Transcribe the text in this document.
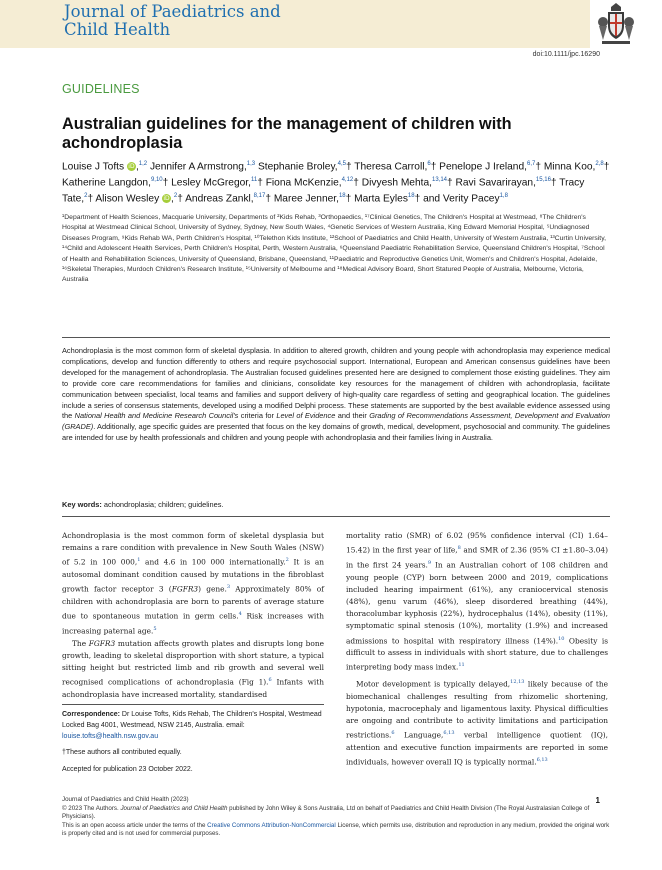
Journal of Paediatrics and
Child Health
doi:10.1111/jpc.16290
GUIDELINES
Australian guidelines for the management of children with achondroplasia
Louise J Tofts iD,$^{1,2}$ Jennifer A Armstrong,$^{1,3}$ Stephanie Broley,$^{4,5}$† Theresa Carroll,$^6$† Penelope J Ireland,$^{6,7}$† Minna Koo,$^{2,8}$† Katherine Langdon,$^{9,10}$† Lesley McGregor,$^{11}$† Fiona McKenzie,$^{4,12}$† Divyesh Mehta,$^{13,14}$† Ravi Savarirayan,$^{15,16}$† Tracy Tate,$^2$† Alison Wesley iD,$^2$† Andreas Zankl,$^{8,17}$† Maree Jenner,$^{18}$† Marta Eyles$^{18}$† and Verity Pacey$^{1,8}$
¹Department of Health Sciences, Macquarie University, Departments of ²Kids Rehab, ³Orthopaedics, ¹⁷Clinical Genetics, The Children's Hospital at Westmead, ⁸The Children's Hospital at Westmead Clinical School, University of Sydney, Sydney, New South Wales, ⁴Genetic Services of Western Australia, King Edward Memorial Hospital, ⁵Undiagnosed Diseases Program, ⁹Kids Rehab WA, Perth Children's Hospital, ¹⁰Telethon Kids Institute, ¹²School of Paediatrics and Child Health, University of Western Australia, ¹³Curtin University, ¹⁴Child and Adolescent Health Services, Perth Children's Hospital, Perth, Western Australia, ⁶Queensland Paediatric Rehabilitation Service, Queensland Children's Hospital, ⁷School of Health and Rehabilitation Sciences, University of Queensland, Brisbane, Queensland, ¹¹Paediatric and Reproductive Genetics Unit, Women's and Children's Hospital, Adelaide, ¹⁶Skeletal Therapies, Murdoch Children's Research Institute, ¹⁵University of Melbourne and ¹⁸Medical Advisory Board, Short Statured People of Australia, Melbourne, Victoria, Australia
Achondroplasia is the most common form of skeletal dysplasia. In addition to altered growth, children and young people with achondroplasia may experience medical complications, develop and function differently to others and require psychosocial support. International, European and American consensus guidelines have been developed for the management of achondroplasia. The Australian focused guidelines presented here are designed to complement those existing guidelines. They aim to provide core care recommendations for families and clinicians, consolidate key resources for the management of children with achondroplasia, facilitate communication between specialist, local teams and families and support delivery of high-quality care regardless of setting and geographical location. The guidelines include a series of consensus statements, developed using a modified Delphi process. These statements are supported by the best available evidence assessed using the National Health and Medicine Research Council's criteria for Level of Evidence and their Grading of Recommendations Assessment, Development and Evaluation (GRADE). Additionally, age specific guides are presented that focus on the key domains of growth, medical, development, psychosocial and community. The guidelines are intended for use by health professionals and children and young people with achondroplasia and their families living in Australia.
Key words: achondroplasia; children; guidelines.

Achondroplasia is the most common form of skeletal dysplasia but remains a rare condition with prevalence in New South Wales (NSW) of 5.2 in 100 000,$^1$ and 4.6 in 100 000 internationally.$^2$ It is an autosomal dominant condition caused by mutations in the fibroblast growth factor receptor 3 (FGFR3) gene.$^3$ Approximately 80% of children with achondroplasia are born to parents of average stature due to spontaneous mutation in germ cells.$^4$ Risk increases with increasing paternal age.$^5$

The FGFR3 mutation affects growth plates and disrupts long bone growth, leading to skeletal disproportion with short stature, a typical sitting height but restricted limb and rib growth and several well recognised complications of achondroplasia (Fig 1).$^6$ Infants with achondroplasia have increased mortality, standardised

mortality ratio (SMR) of 6.02 (95% confidence interval (CI) 1.64–15.42) in the first year of life,$^8$ and SMR of 2.36 (95% CI ±1.80–3.04) in the first 24 years.$^9$ In an Australian cohort of 108 children and young people (CYP) born between 2000 and 2019, complications included hearing impairment (61%), any craniocervical stenosis (48%), genu varum (46%), sleep disordered breathing (44%), thoracolumbar kyphosis (22%), hydrocephalus (14%), obesity (11%), symptomatic spinal stenosis (10%), mortality (1.9%) and increased admissions to hospital with respiratory illness (14%).$^{10}$ Obesity is difficult to assess in individuals with short stature, due to challenges interpreting body mass index.$^{11}$

Motor development is typically delayed,$^{12,13}$ likely because of the biomechanical challenges resulting from rhizomelic shortening, hypotonia, macrocephaly and ligamentous laxity. Physical difficulties are ongoing and contribute to activity limitations and participation restrictions.$^6$ Language,$^{6,13}$ verbal intelligence quotient (IQ), attention and executive function impairments are reported in some individuals, however overall IQ is typically normal.$^{6,13}$

Correspondence: Dr Louise Tofts, Kids Rehab, The Children's Hospital, Westmead Locked Bag 4001, Westmead, NSW 2145, Australia. email: louise.tofts@health.nsw.gov.au
†These authors all contributed equally.
Accepted for publication 23 October 2022.
Journal of Paediatrics and Child Health (2023)
© 2023 The Authors. Journal of Paediatrics and Child Health published by John Wiley & Sons Australia, Ltd on behalf of Paediatrics and Child Health Division (The Royal Australasian College of Physicians).
This is an open access article under the terms of the Creative Commons Attribution-NonCommercial License, which permits use, distribution and reproduction in any medium, provided the original work is properly cited and is not used for commercial purposes.
1
